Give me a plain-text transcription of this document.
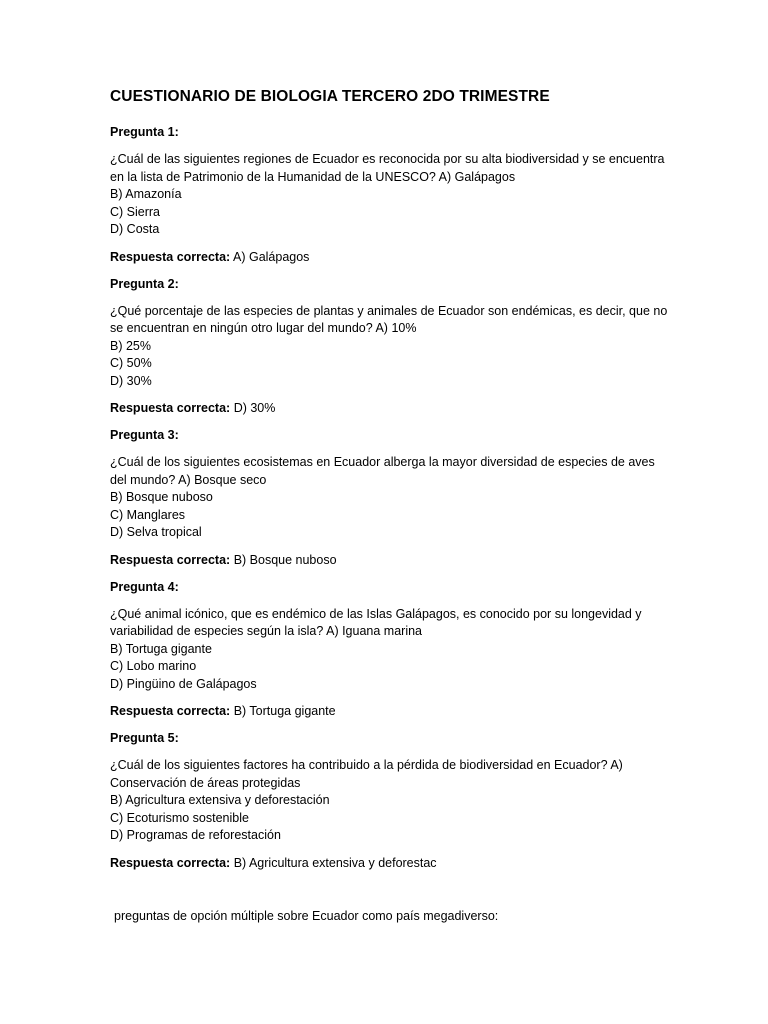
CUESTIONARIO DE BIOLOGIA TERCERO 2DO TRIMESTRE

Pregunta 1:

¿Cuál de las siguientes regiones de Ecuador es reconocida por su alta biodiversidad y se encuentra en la lista de Patrimonio de la Humanidad de la UNESCO? A) Galápagos

B) Amazonía
C) Sierra
D) Costa

Respuesta correcta: A) Galápagos

Pregunta 2:

¿Qué porcentaje de las especies de plantas y animales de Ecuador son endémicas, es decir, que no se encuentran en ningún otro lugar del mundo? A) 10%

B) 25%
C) 50%
D) 30%

Respuesta correcta: D) 30%

Pregunta 3:

¿Cuál de los siguientes ecosistemas en Ecuador alberga la mayor diversidad de especies de aves del mundo? A) Bosque seco

B) Bosque nuboso
C) Manglares
D) Selva tropical

Respuesta correcta: B) Bosque nuboso

Pregunta 4:

¿Qué animal icónico, que es endémico de las Islas Galápagos, es conocido por su longevidad y variabilidad de especies según la isla? A) Iguana marina

B) Tortuga gigante
C) Lobo marino
D) Pingüino de Galápagos

Respuesta correcta: B) Tortuga gigante

Pregunta 5:

¿Cuál de los siguientes factores ha contribuido a la pérdida de biodiversidad en Ecuador? A) Conservación de áreas protegidas

B) Agricultura extensiva y deforestación
C) Ecoturismo sostenible
D) Programas de reforestación

Respuesta correcta: B) Agricultura extensiva y deforestac

preguntas de opción múltiple sobre Ecuador como país megadiverso:
